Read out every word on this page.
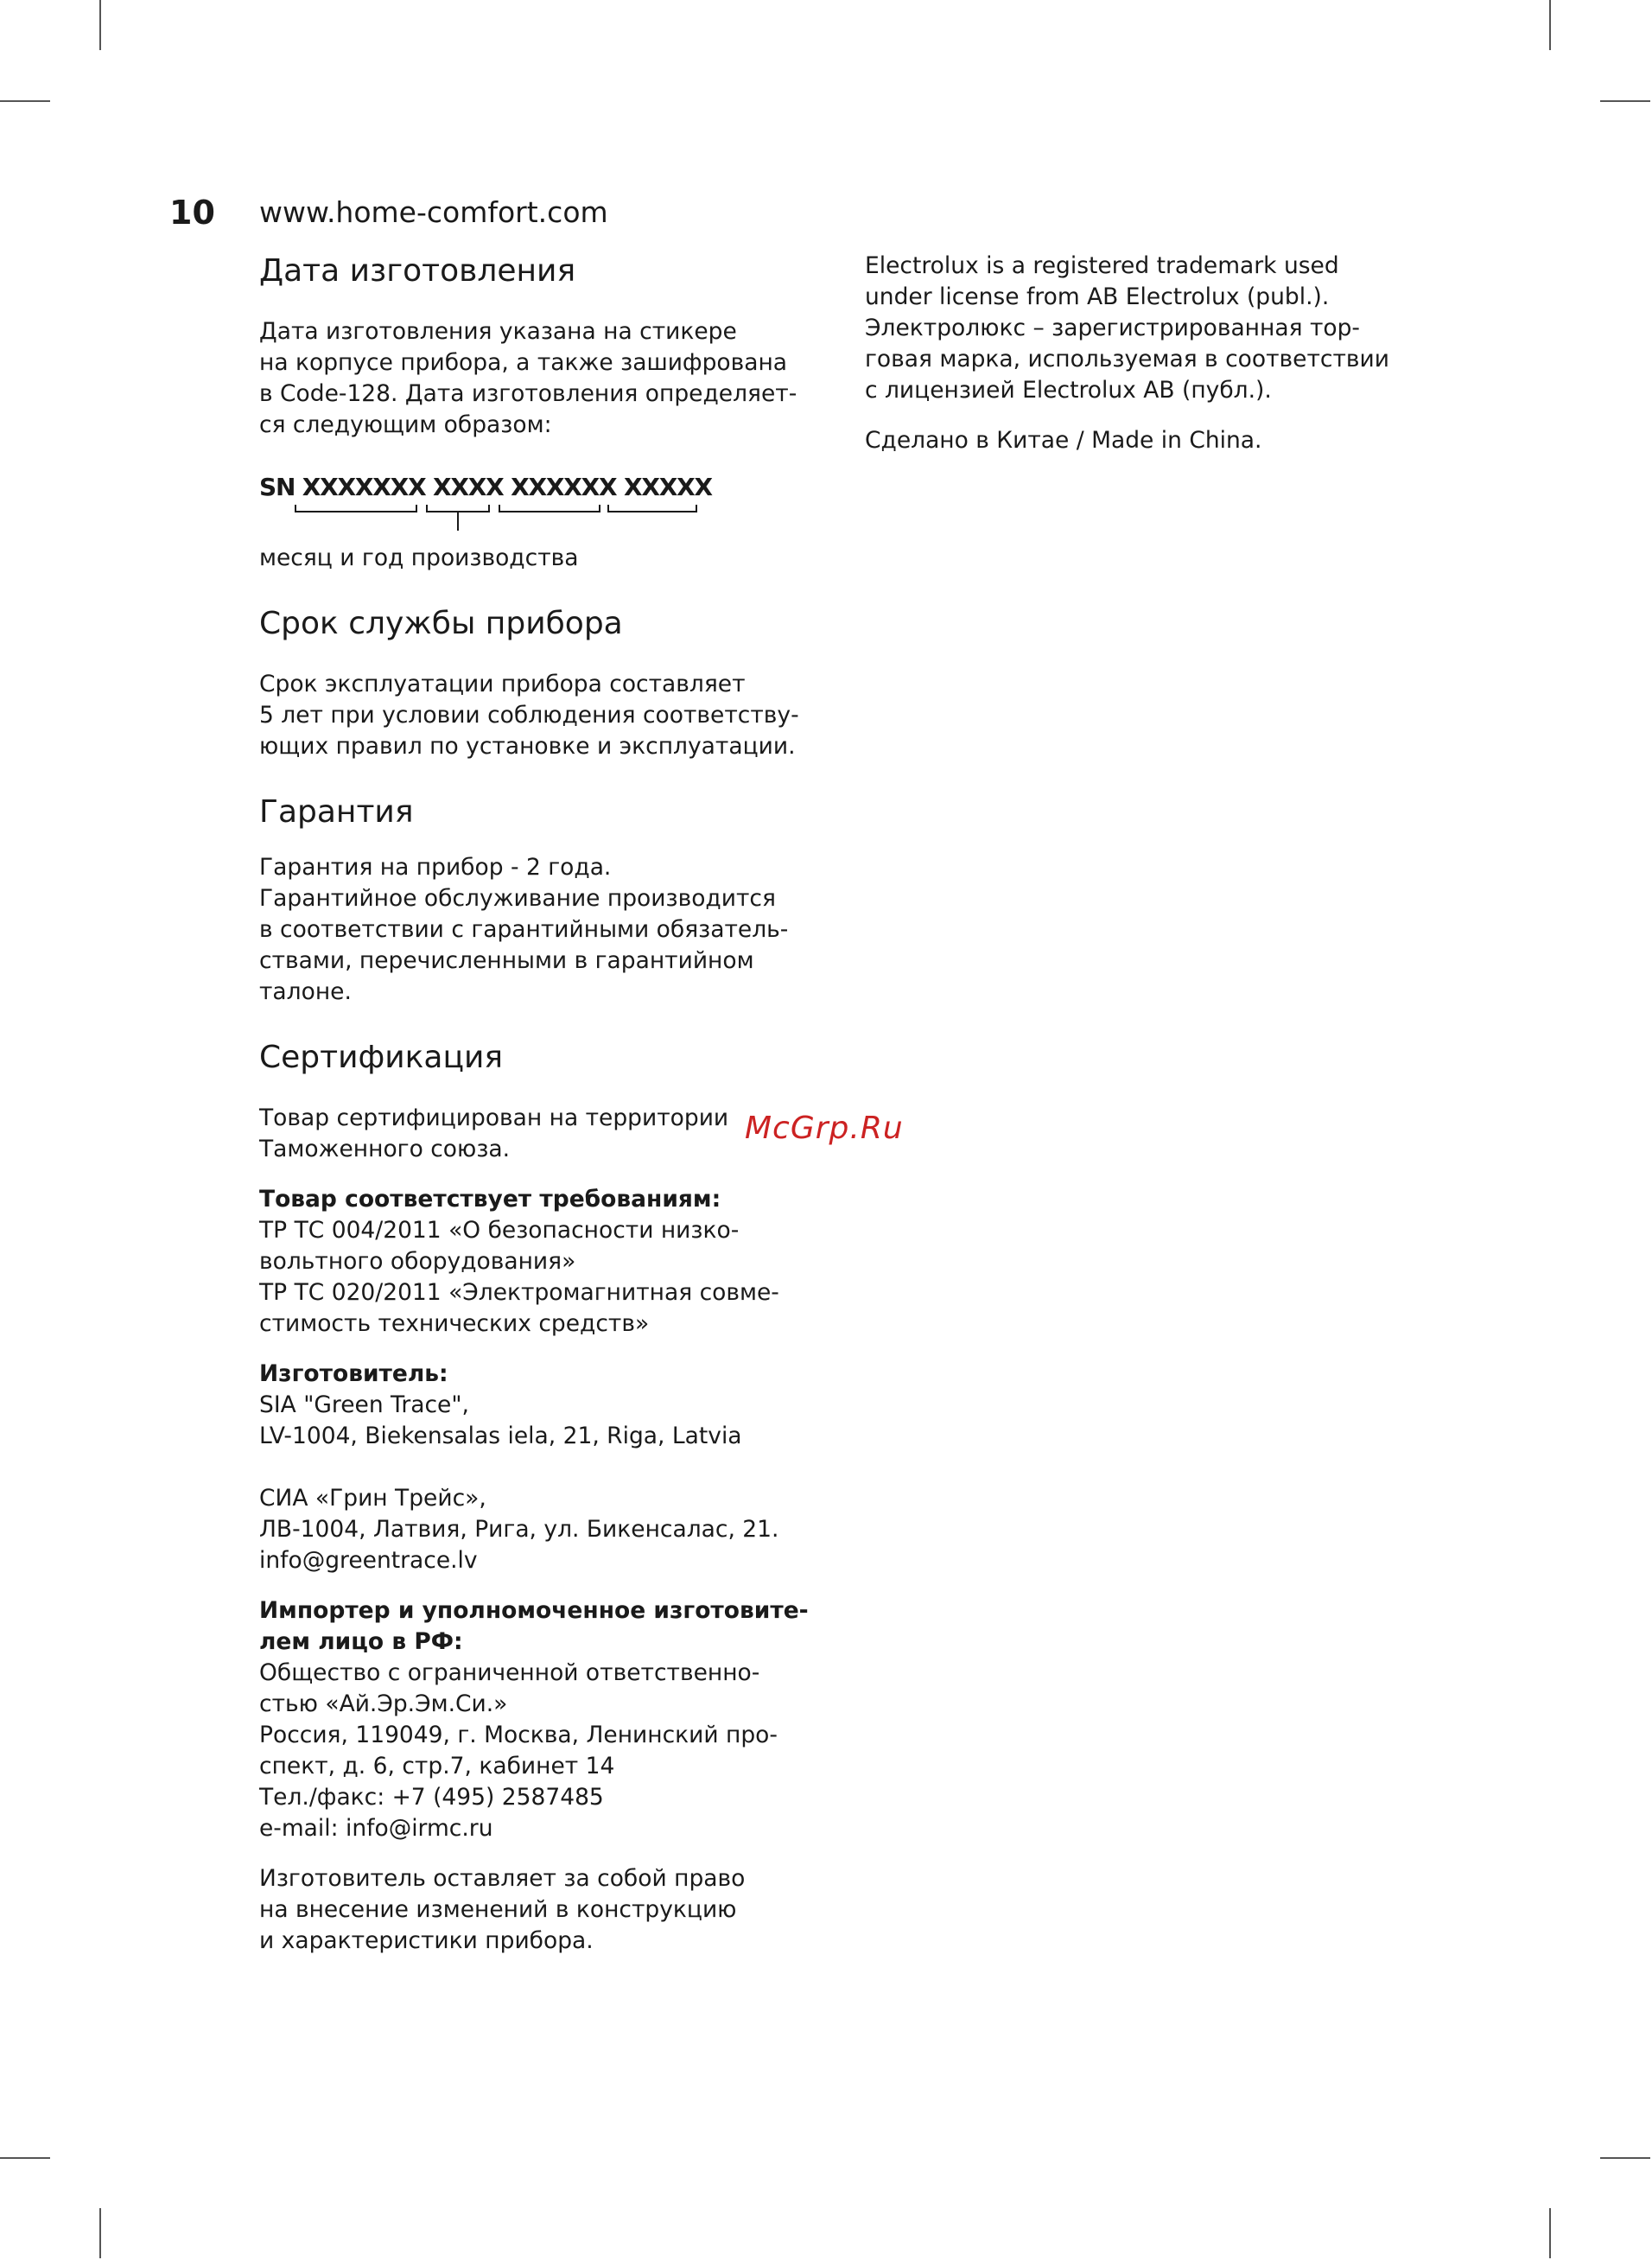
10 www.home-comfort.com

Дата изготовления

Дата изготовления указана на стикере
на корпусе прибора, а также зашифрована
в Code-128. Дата изготовления определяет-
ся следующим образом:

SN XXXXXXX XXXX XXXXXX XXXXX

месяц и год производства

Срок службы прибора

Срок эксплуатации прибора составляет
5 лет при условии соблюдения соответству-
ющих правил по установке и эксплуатации.

Гарантия

Гарантия на прибор - 2 года.
Гарантийное обслуживание производится
в соответствии с гарантийными обязатель-
ствами, перечисленными в гарантийном
талоне.

Сертификация

Товар сертифицирован на территории
Таможенного союза.

Товар соответствует требованиям:

ТР ТС 004/2011 «О безопасности низко-
вольтного оборудования»
ТР ТС 020/2011 «Электромагнитная совме-
стимость технических средств»

Изготовитель:

SIA "Green Trace",
LV-1004, Biekensalas iela, 21, Riga, Latvia

СИА «Грин Трейс»,
ЛВ-1004, Латвия, Рига, ул. Бикенсалас, 21.
info@greentrace.lv

Импортер и уполномоченное изготовите-
лем лицо в РФ:

Общество с ограниченной ответственно-
стью «Ай.Эр.Эм.Си.»
Россия, 119049, г. Москва, Ленинский про-
спект, д. 6, стр.7, кабинет 14
Тел./факс: +7 (495) 2587485
e-mail: info@irmc.ru

Изготовитель оставляет за собой право
на внесение изменений в конструкцию
и характеристики прибора.

Electrolux is a registered trademark used
under license from AB Electrolux (publ.).
Электролюкс – зарегистрированная тор-
говая марка, используемая в соответствии
с лицензией Electrolux AB (публ.).

Сделано в Китае / Made in China.

McGrp.Ru
